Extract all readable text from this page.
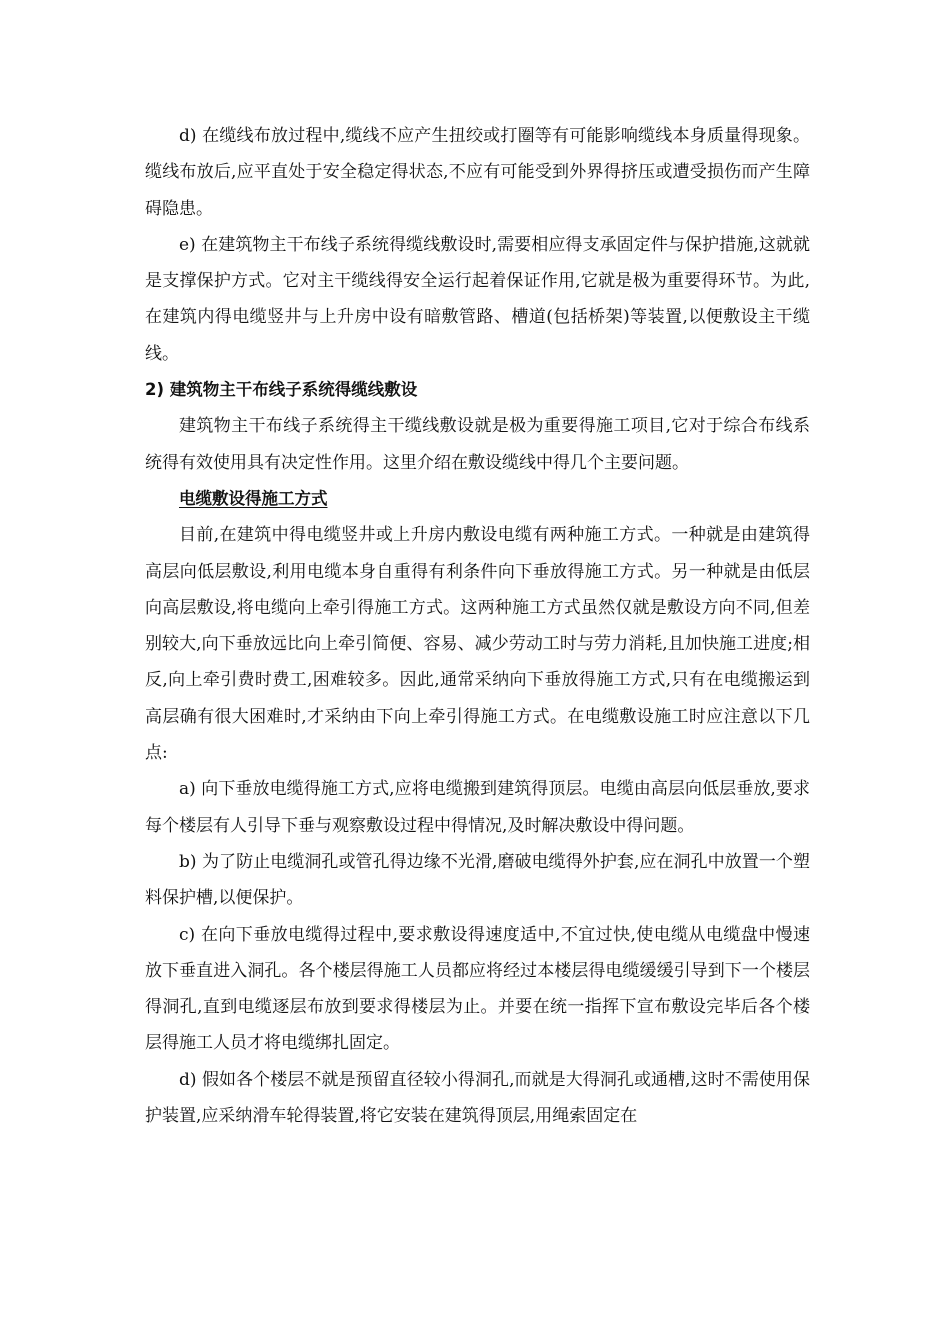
d) 在缆线布放过程中,缆线不应产生扭绞或打圈等有可能影响缆线本身质量得现象。缆线布放后,应平直处于安全稳定得状态,不应有可能受到外界得挤压或遭受损伤而产生障碍隐患。

e) 在建筑物主干布线子系统得缆线敷设时,需要相应得支承固定件与保护措施,这就就是支撑保护方式。它对主干缆线得安全运行起着保证作用,它就是极为重要得环节。为此,在建筑内得电缆竖井与上升房中设有暗敷管路、槽道(包括桥架)等装置,以便敷设主干缆线。

2) 建筑物主干布线子系统得缆线敷设

建筑物主干布线子系统得主干缆线敷设就是极为重要得施工项目,它对于综合布线系统得有效使用具有决定性作用。这里介绍在敷设缆线中得几个主要问题。

电缆敷设得施工方式

目前,在建筑中得电缆竖井或上升房内敷设电缆有两种施工方式。一种就是由建筑得高层向低层敷设,利用电缆本身自重得有利条件向下垂放得施工方式。另一种就是由低层向高层敷设,将电缆向上牵引得施工方式。这两种施工方式虽然仅就是敷设方向不同,但差别较大,向下垂放远比向上牵引简便、容易、减少劳动工时与劳力消耗,且加快施工进度;相反,向上牵引费时费工,困难较多。因此,通常采纳向下垂放得施工方式,只有在电缆搬运到高层确有很大困难时,才采纳由下向上牵引得施工方式。在电缆敷设施工时应注意以下几点:

a) 向下垂放电缆得施工方式,应将电缆搬到建筑得顶层。电缆由高层向低层垂放,要求每个楼层有人引导下垂与观察敷设过程中得情况,及时解决敷设中得问题。

b) 为了防止电缆洞孔或管孔得边缘不光滑,磨破电缆得外护套,应在洞孔中放置一个塑料保护槽,以便保护。

c) 在向下垂放电缆得过程中,要求敷设得速度适中,不宜过快,使电缆从电缆盘中慢速放下垂直进入洞孔。各个楼层得施工人员都应将经过本楼层得电缆缓缓引导到下一个楼层得洞孔,直到电缆逐层布放到要求得楼层为止。并要在统一指挥下宣布敷设完毕后各个楼层得施工人员才将电缆绑扎固定。

d) 假如各个楼层不就是预留直径较小得洞孔,而就是大得洞孔或通槽,这时不需使用保护装置,应采纳滑车轮得装置,将它安装在建筑得顶层,用绳索固定在
